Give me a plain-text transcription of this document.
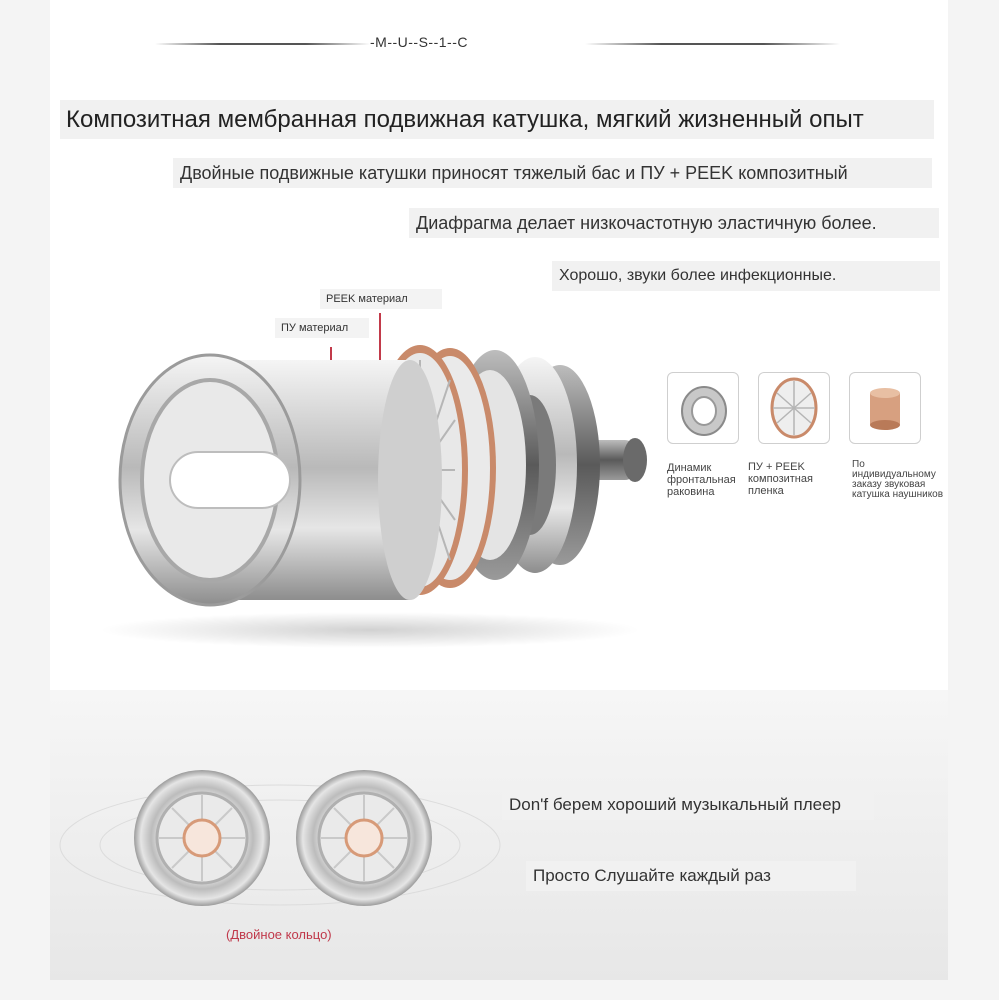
-M--U--S--1--C
Композитная мембранная подвижная катушка, мягкий жизненный опыт
Двойные подвижные катушки приносят тяжелый бас и ПУ + PEEK композитный
Диафрагма делает низкочастотную эластичную более.
Хорошо, звуки более инфекционные.
PEEK материал
ПУ материал
Динамик фронтальная раковина
ПУ + PEEK композитная пленка
По индивидуальному заказу звуковая катушка наушников
Don'f берем хороший музыкальный плеер
Просто Слушайте каждый раз
(Двойное кольцо)
